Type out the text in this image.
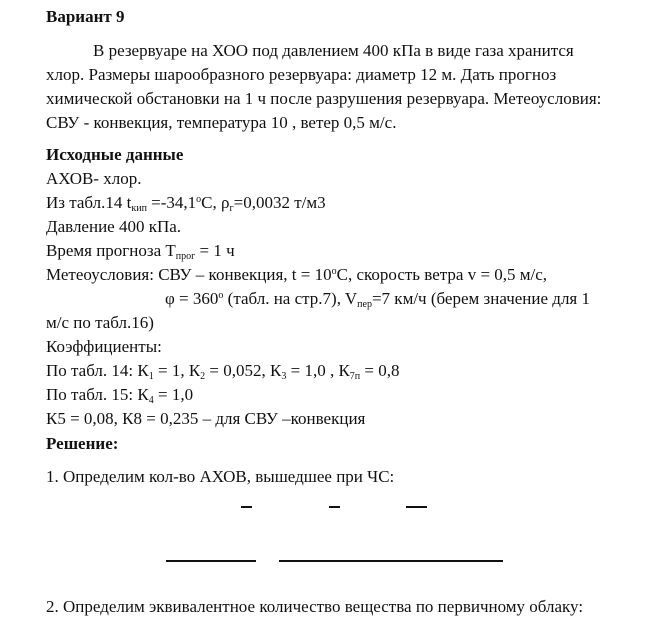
Вариант 9
В резервуаре на ХОО под давлением 400 кПа в виде газа хранится
хлор. Размеры шарообразного резервуара: диаметр 12 м. Дать прогноз
химической обстановки на 1 ч после разрушения резервуара. Метеоусловия:
СВУ - конвекция, температура 10 , ветер 0,5 м/с.
Исходные данные
АХОВ- хлор.
Из табл.14 $t_{кип} =-34,1^oС$, $\rho_г=0,0032$ т/м3
Давление 400 кПа.
Время прогноза $T_{прог} = 1$ ч
Метеоусловия: СВУ – конвекция, $t = 10^oС$, скорость ветра v = 0,5 м/с,
$\varphi = 360^o$ (табл. на стр.7), $V_{пер}=7$ км/ч (берем значение для 1
м/с по табл.16)
Коэффициенты:
По табл. 14: $К_1 = 1$, $К_2 = 0,052$, $К_3 = 1,0$ , $К_{7п} = 0,8$
По табл. 15: $К_4 = 1,0$
К5 = 0,08, К8 = 0,235 – для СВУ –конвекция
Решение:
1. Определим кол-во АХОВ, вышедшее при ЧС:
2. Определим эквивалентное количество вещества по первичному облаку:
